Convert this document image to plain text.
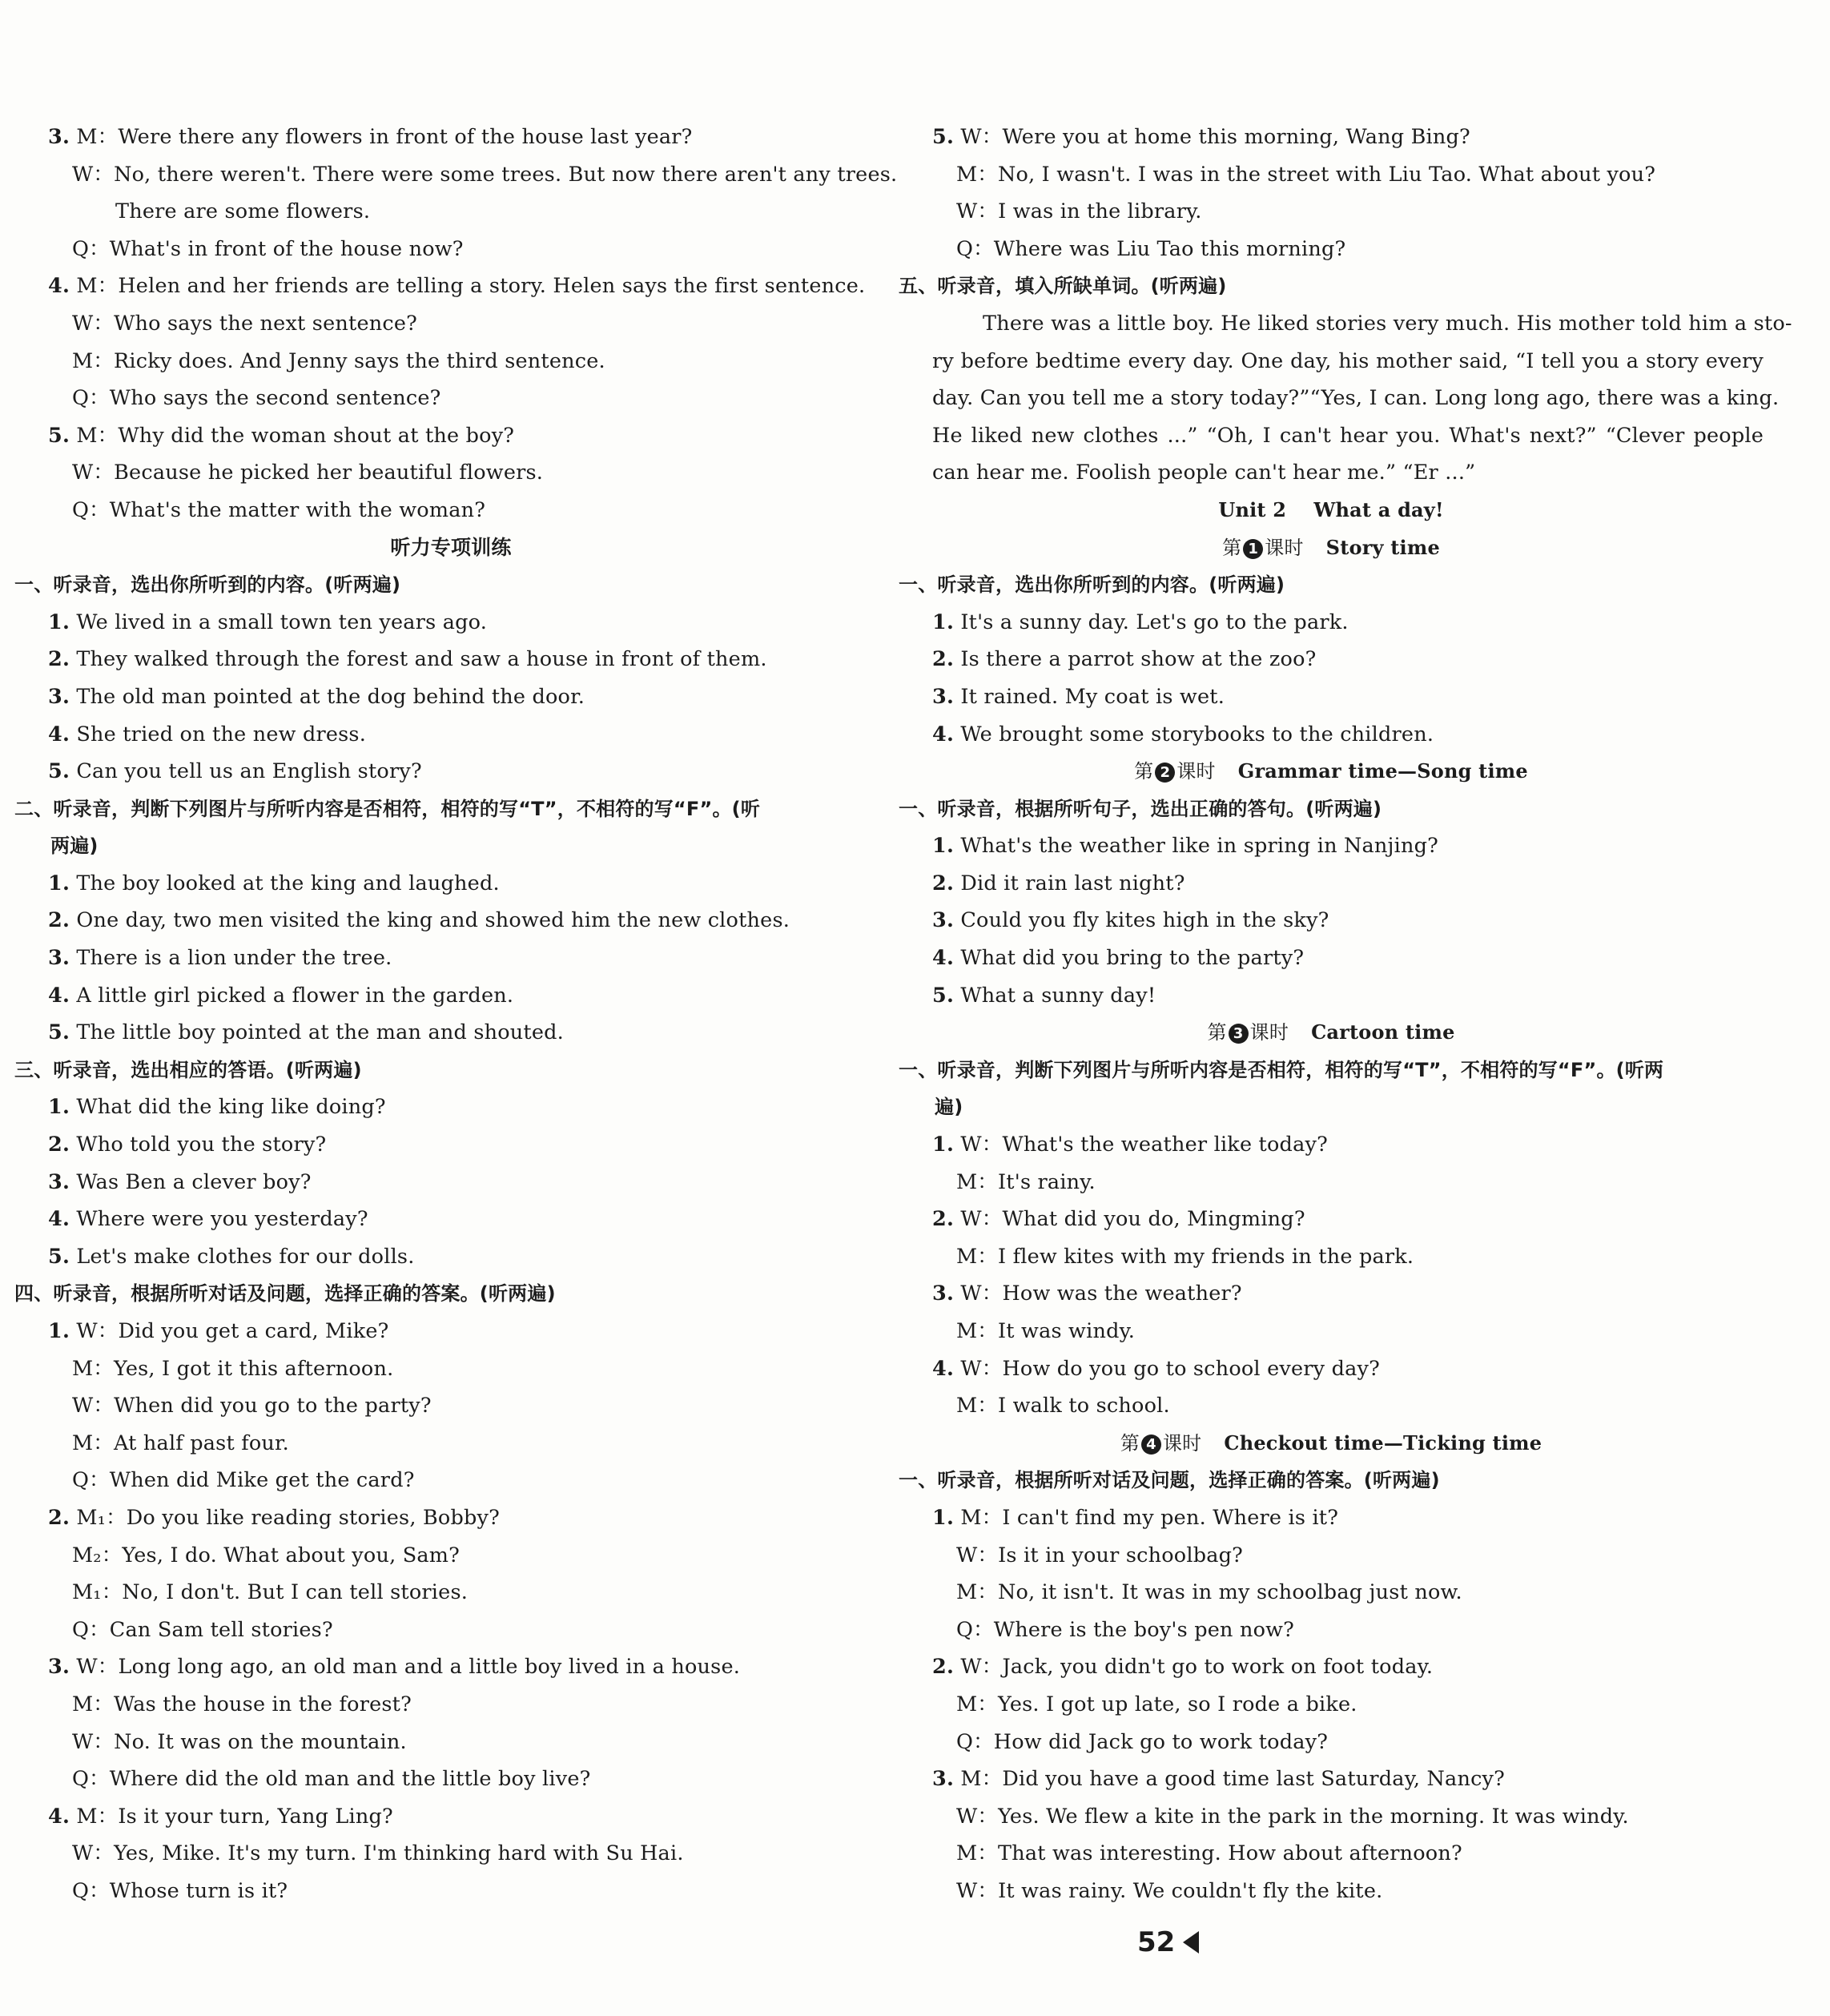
3. M：Were there any flowers in front of the house last year?
W：No, there weren't. There were some trees. But now there aren't any trees.
There are some flowers.
Q：What's in front of the house now?
4. M：Helen and her friends are telling a story. Helen says the first sentence.
W：Who says the next sentence?
M：Ricky does. And Jenny says the third sentence.
Q：Who says the second sentence?
5. M：Why did the woman shout at the boy?
W：Because he picked her beautiful flowers.
Q：What's the matter with the woman?
听力专项训练
一、听录音，选出你所听到的内容。(听两遍)
1. We lived in a small town ten years ago.
2. They walked through the forest and saw a house in front of them.
3. The old man pointed at the dog behind the door.
4. She tried on the new dress.
5. Can you tell us an English story?
二、听录音，判断下列图片与所听内容是否相符，相符的写“T”，不相符的写“F”。(听
两遍)
1. The boy looked at the king and laughed.
2. One day, two men visited the king and showed him the new clothes.
3. There is a lion under the tree.
4. A little girl picked a flower in the garden.
5. The little boy pointed at the man and shouted.
三、听录音，选出相应的答语。(听两遍)
1. What did the king like doing?
2. Who told you the story?
3. Was Ben a clever boy?
4. Where were you yesterday?
5. Let's make clothes for our dolls.
四、听录音，根据所听对话及问题，选择正确的答案。(听两遍)
1. W：Did you get a card, Mike?
M：Yes, I got it this afternoon.
W：When did you go to the party?
M：At half past four.
Q：When did Mike get the card?
2. M₁：Do you like reading stories, Bobby?
M₂：Yes, I do. What about you, Sam?
M₁：No, I don't. But I can tell stories.
Q：Can Sam tell stories?
3. W：Long long ago, an old man and a little boy lived in a house.
M：Was the house in the forest?
W：No. It was on the mountain.
Q：Where did the old man and the little boy live?
4. M：Is it your turn, Yang Ling?
W：Yes, Mike. It's my turn. I'm thinking hard with Su Hai.
Q：Whose turn is it?
5. W：Were you at home this morning, Wang Bing?
M：No, I wasn't. I was in the street with Liu Tao. What about you?
W：I was in the library.
Q：Where was Liu Tao this morning?
五、听录音，填入所缺单词。(听两遍)
There was a little boy. He liked stories very much. His mother told him a sto-
ry before bedtime every day. One day, his mother said, “I tell you a story every
day. Can you tell me a story today?”“Yes, I can. Long long ago, there was a king.
He liked new clothes ...” “Oh, I can't hear you. What's next?” “Clever people
can hear me. Foolish people can't hear me.” “Er ...”
Unit 2    What a day!
第 1 课时 Story time
一、听录音，选出你所听到的内容。(听两遍)
1. It's a sunny day. Let's go to the park.
2. Is there a parrot show at the zoo?
3. It rained. My coat is wet.
4. We brought some storybooks to the children.
第 2 课时 Grammar time—Song time
一、听录音，根据所听句子，选出正确的答句。(听两遍)
1. What's the weather like in spring in Nanjing?
2. Did it rain last night?
3. Could you fly kites high in the sky?
4. What did you bring to the party?
5. What a sunny day!
第 3 课时 Cartoon time
一、听录音，判断下列图片与所听内容是否相符，相符的写“T”，不相符的写“F”。(听两
遍)
1. W：What's the weather like today?
M：It's rainy.
2. W：What did you do, Mingming?
M：I flew kites with my friends in the park.
3. W：How was the weather?
M：It was windy.
4. W：How do you go to school every day?
M：I walk to school.
第 4 课时 Checkout time—Ticking time
一、听录音，根据所听对话及问题，选择正确的答案。(听两遍)
1. M：I can't find my pen. Where is it?
W：Is it in your schoolbag?
M：No, it isn't. It was in my schoolbag just now.
Q：Where is the boy's pen now?
2. W：Jack, you didn't go to work on foot today.
M：Yes. I got up late, so I rode a bike.
Q：How did Jack go to work today?
3. M：Did you have a good time last Saturday, Nancy?
W：Yes. We flew a kite in the park in the morning. It was windy.
M：That was interesting. How about afternoon?
W：It was rainy. We couldn't fly the kite.
52
